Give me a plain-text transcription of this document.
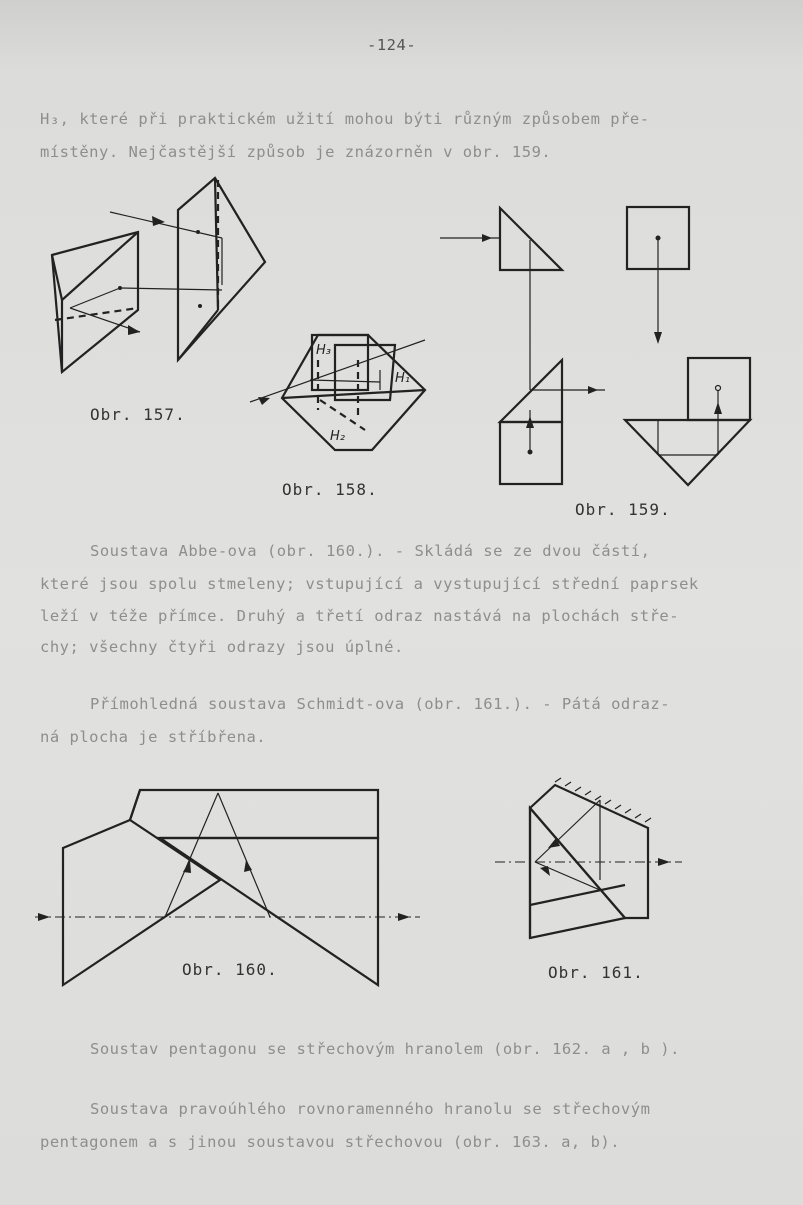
-124-
H₃, které při praktickém užití mohou býti různým způsobem pře-
místěny. Nejčastější způsob je znázorněn v obr. 159.
H₃
H₁
H₂
Obr. 157.
Obr. 158.
Obr. 159.
Soustava Abbe-ova (obr. 160.). - Skládá se ze dvou částí,
které jsou spolu stmeleny; vstupující a vystupující střední paprsek
leží v téže přímce. Druhý a třetí odraz nastává na plochách stře-
chy; všechny čtyři odrazy jsou úplné.
Přímohledná soustava Schmidt-ova (obr. 161.). - Pátá odraz-
ná plocha je stříbřena.
Obr. 160.	Obr. 161.
Soustav pentagonu se střechovým hranolem (obr. 162. a , b ).
Soustava pravoúhlého rovnoramenného hranolu se střechovým
pentagonem a s jinou soustavou střechovou (obr. 163. a, b).
